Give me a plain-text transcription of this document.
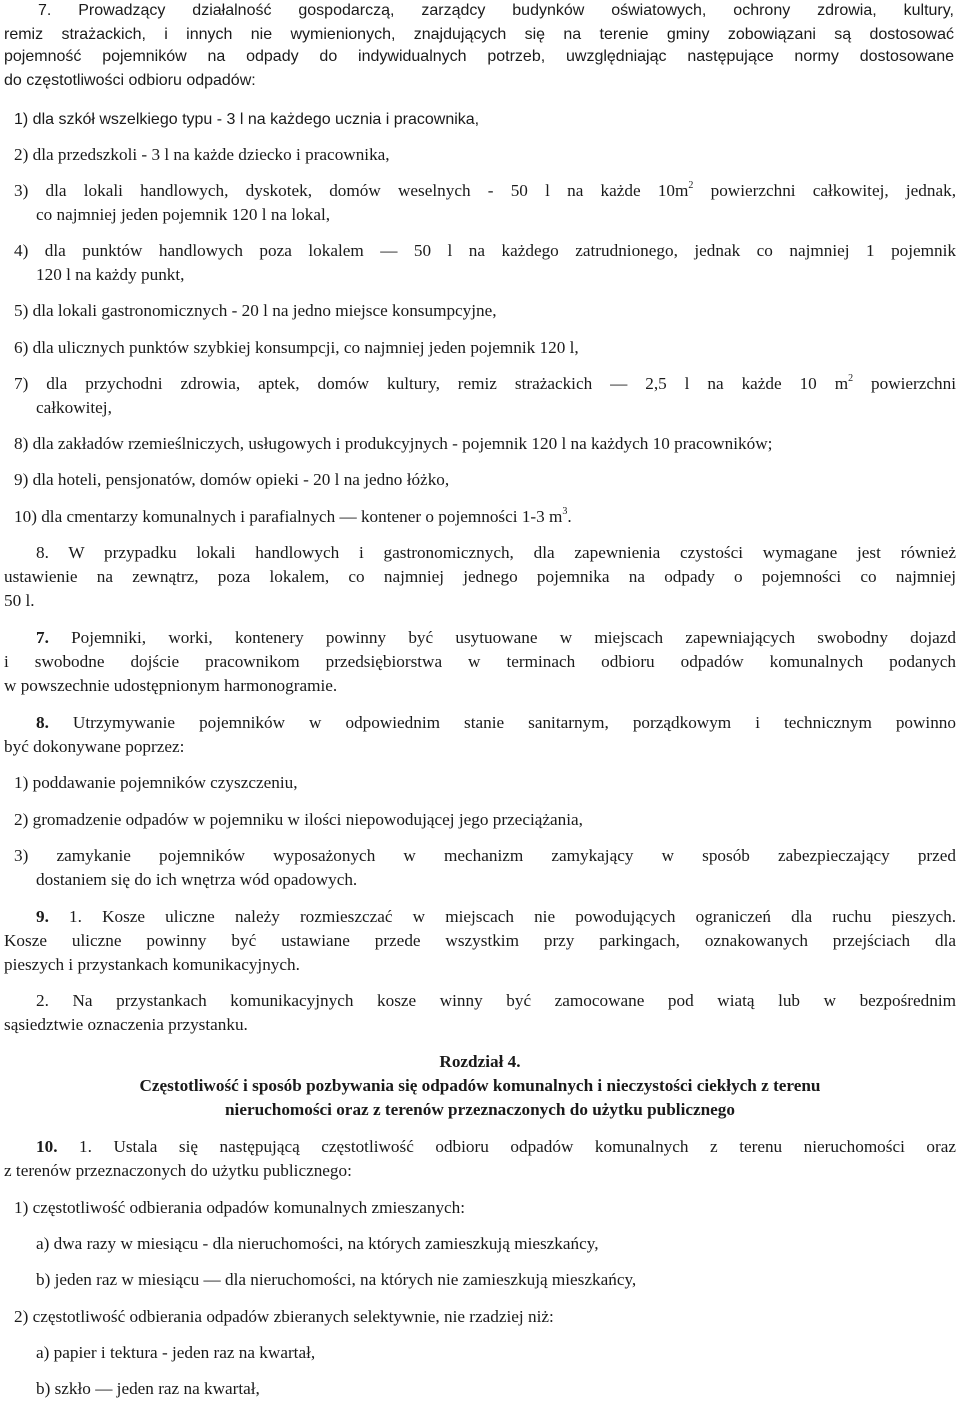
7. Prowadzący działalność gospodarczą, zarządcy budynków oświatowych, ochrony zdrowia, kultury,
remiz strażackich, i innych nie wymienionych, znajdujących się na terenie gminy zobowiązani są dostosować
pojemność pojemników na odpady do indywidualnych potrzeb, uwzględniając następujące normy dostosowane
do częstotliwości odbioru odpadów:
1) dla szkół wszelkiego typu - 3 l na każdego ucznia i pracownika,
2) dla przedszkoli - 3 l na każde dziecko i pracownika,
3) dla lokali handlowych, dyskotek, domów weselnych - 50 l na każde $10m^2$ powierzchni całkowitej, jednak,
co najmniej jeden pojemnik 120 l na lokal,
4) dla punktów handlowych poza lokalem — 50 l na każdego zatrudnionego, jednak co najmniej 1 pojemnik
120 l na każdy punkt,
5) dla lokali gastronomicznych - 20 l na jedno miejsce konsumpcyjne,
6) dla ulicznych punktów szybkiej konsumpcji, co najmniej jeden pojemnik 120 l,
7) dla przychodni zdrowia, aptek, domów kultury, remiz strażackich — 2,5 l na każde 10 $m^2$ powierzchni
całkowitej,
8) dla zakładów rzemieślniczych, usługowych i produkcyjnych - pojemnik 120 l na każdych 10 pracowników;
9) dla hoteli, pensjonatów, domów opieki - 20 l na jedno łóżko,
10) dla cmentarzy komunalnych i parafialnych — kontener o pojemności 1-3 $m^3$.
8. W przypadku lokali handlowych i gastronomicznych, dla zapewnienia czystości wymagane jest również
ustawienie na zewnątrz, poza lokalem, co najmniej jednego pojemnika na odpady o pojemności co najmniej
50 l.
7. Pojemniki, worki, kontenery powinny być usytuowane w miejscach zapewniających swobodny dojazd
i swobodne dojście pracownikom przedsiębiorstwa w terminach odbioru odpadów komunalnych podanych
w powszechnie udostępnionym harmonogramie.
8. Utrzymywanie pojemników w odpowiednim stanie sanitarnym, porządkowym i technicznym powinno
być dokonywane poprzez:
1) poddawanie pojemników czyszczeniu,
2) gromadzenie odpadów w pojemniku w ilości niepowodującej jego przeciążania,
3) zamykanie pojemników wyposażonych w mechanizm zamykający w sposób zabezpieczający przed
dostaniem się do ich wnętrza wód opadowych.
9. 1. Kosze uliczne należy rozmieszczać w miejscach nie powodujących ograniczeń dla ruchu pieszych.
Kosze uliczne powinny być ustawiane przede wszystkim przy parkingach, oznakowanych przejściach dla
pieszych i przystankach komunikacyjnych.
2. Na przystankach komunikacyjnych kosze winny być zamocowane pod wiatą lub w bezpośrednim
sąsiedztwie oznaczenia przystanku.
Rozdział 4.
Częstotliwość i sposób pozbywania się odpadów komunalnych i nieczystości ciekłych z terenu
nieruchomości oraz z terenów przeznaczonych do użytku publicznego
10. 1. Ustala się następującą częstotliwość odbioru odpadów komunalnych z terenu nieruchomości oraz
z terenów przeznaczonych do użytku publicznego:
1) częstotliwość odbierania odpadów komunalnych zmieszanych:
a) dwa razy w miesiącu - dla nieruchomości, na których zamieszkują mieszkańcy,
b) jeden raz w miesiącu — dla nieruchomości, na których nie zamieszkują mieszkańcy,
2) częstotliwość odbierania odpadów zbieranych selektywnie, nie rzadziej niż:
a) papier i tektura - jeden raz na kwartał,
b) szkło — jeden raz na kwartał,
